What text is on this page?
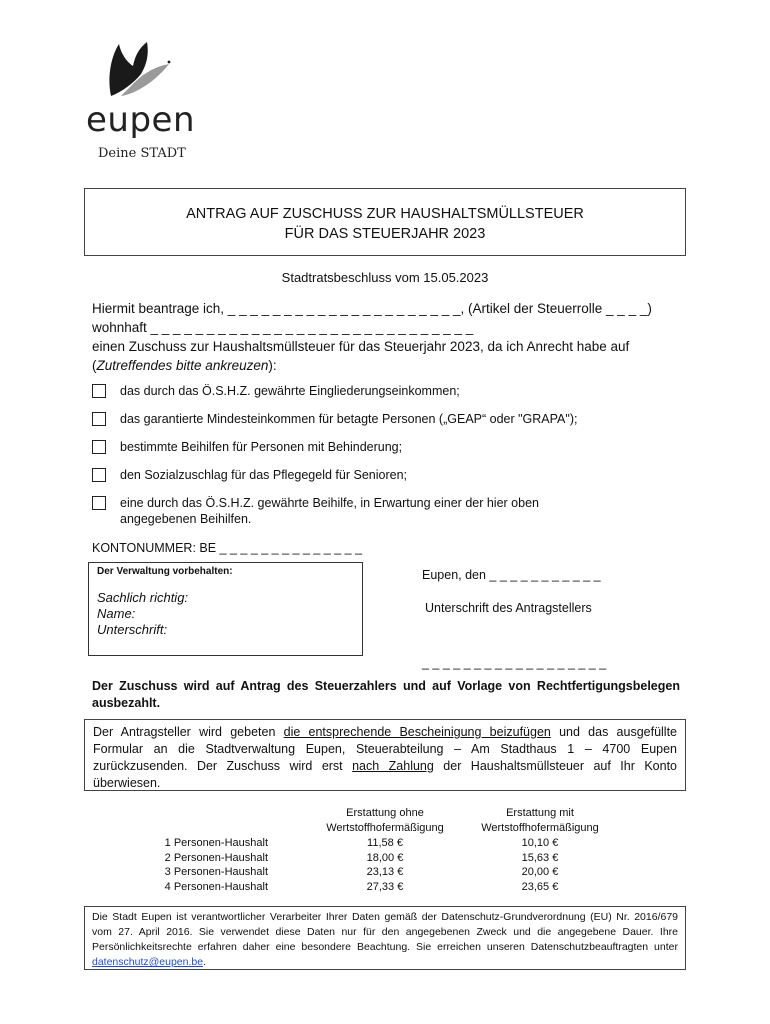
eupen
Deine STADT
ANTRAG AUF ZUSCHUSS ZUR HAUSHALTSMÜLLSTEUER
FÜR DAS STEUERJAHR 2023
Stadtratsbeschluss vom 15.05.2023

Hiermit beantrage ich, _ _ _ _ _ _ _ _ _ _ _ _ _ _ _ _ _ _ _ _ _, (Artikel der Steuerrolle _ _ _ _)

wohnhaft _ _ _ _ _ _ _ _ _ _ _ _ _ _ _ _ _ _ _ _ _ _ _ _ _ _ _ _ _

einen Zuschuss zur Haushaltsmüllsteuer für das Steuerjahr 2023, da ich Anrecht habe auf

(Zutreffendes bitte ankreuzen):

das durch das Ö.S.H.Z. gewährte Eingliederungseinkommen;
das garantierte Mindesteinkommen für betagte Personen („GEAP“ oder "GRAPA");
bestimmte Beihilfen für Personen mit Behinderung;
den Sozialzuschlag für das Pflegegeld für Senioren;
eine durch das Ö.S.H.Z. gewährte Beihilfe, in Erwartung einer der hier oben angegebenen Beihilfen.
KONTONUMMER: BE _ _ _ _ _ _ _ _ _ _ _ _ _ _
Der Verwaltung vorbehalten:
Sachlich richtig:
Name:
Unterschrift:
Eupen, den _ _ _ _ _ _ _ _ _ _ _
Unterschrift des Antragstellers
_ _ _ _ _ _ _ _ _ _ _ _ _ _ _ _ _ _
Der Zuschuss wird auf Antrag des Steuerzahlers und auf Vorlage von Rechtfertigungsbelegen ausbezahlt.
Der Antragsteller wird gebeten die entsprechende Bescheinigung beizufügen und das ausgefüllte Formular an die Stadtverwaltung Eupen, Steuerabteilung – Am Stadthaus 1 – 4700 Eupen zurückzusenden. Der Zuschuss wird erst nach Zahlung der Haushaltsmüllsteuer auf Ihr Konto überwiesen.
Erstattung ohne
Wertstoffhofermäßigung
Erstattung mit
Wertstoffhofermäßigung
1 Personen-Haushalt	11,58 €	10,10 €
2 Personen-Haushalt	18,00 €	15,63 €
3 Personen-Haushalt	23,13 €	20,00 €
4 Personen-Haushalt	27,33 €	23,65 €
Die Stadt Eupen ist verantwortlicher Verarbeiter Ihrer Daten gemäß der Datenschutz-Grundverordnung (EU) Nr. 2016/679 vom 27. April 2016. Sie verwendet diese Daten nur für den angegebenen Zweck und die angegebene Dauer. Ihre Persönlichkeitsrechte erfahren daher eine besondere Beachtung. Sie erreichen unseren Datenschutzbeauftragten unter datenschutz@eupen.be.
